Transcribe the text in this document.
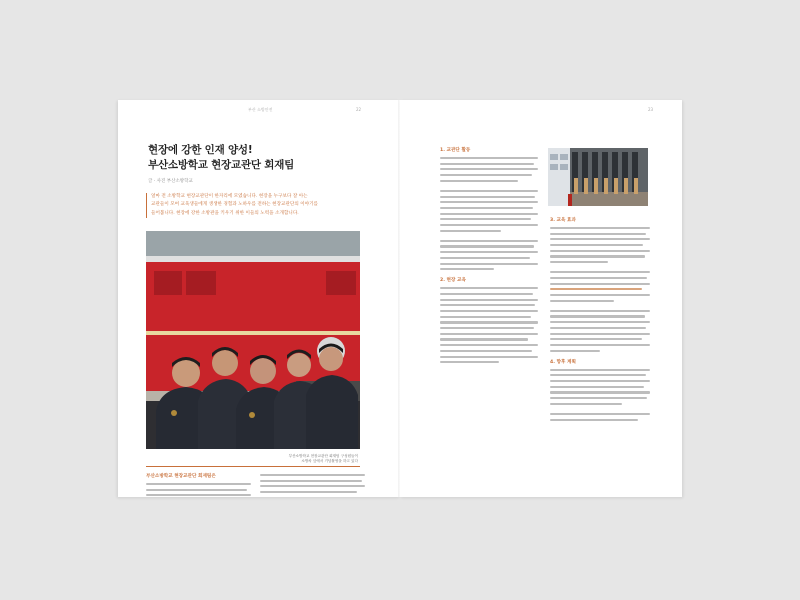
부산 소방안전	22
현장에 강한 인재 양성!
부산소방학교 현장교관단 회재팀
글 · 사진 부산소방학교
얼마 전 소방학교 현장교관단이 한자리에 모였습니다. 현장을 누구보다 잘 아는
교관들이 모여 교육생들에게 생생한 경험과 노하우를 전하는 현장교관단의 이야기를
들어봅니다. 현장에 강한 소방관을 키우기 위한 이들의 노력을 소개합니다.
부산소방학교 현장교관단 회재팀 구성원들이
소방차 앞에서 기념촬영을 하고 있다
부산소방학교 현장교관단 회재팀은
23
1. 교관단 활동
2. 현장 교육
3. 교육 효과
4. 향후 계획
